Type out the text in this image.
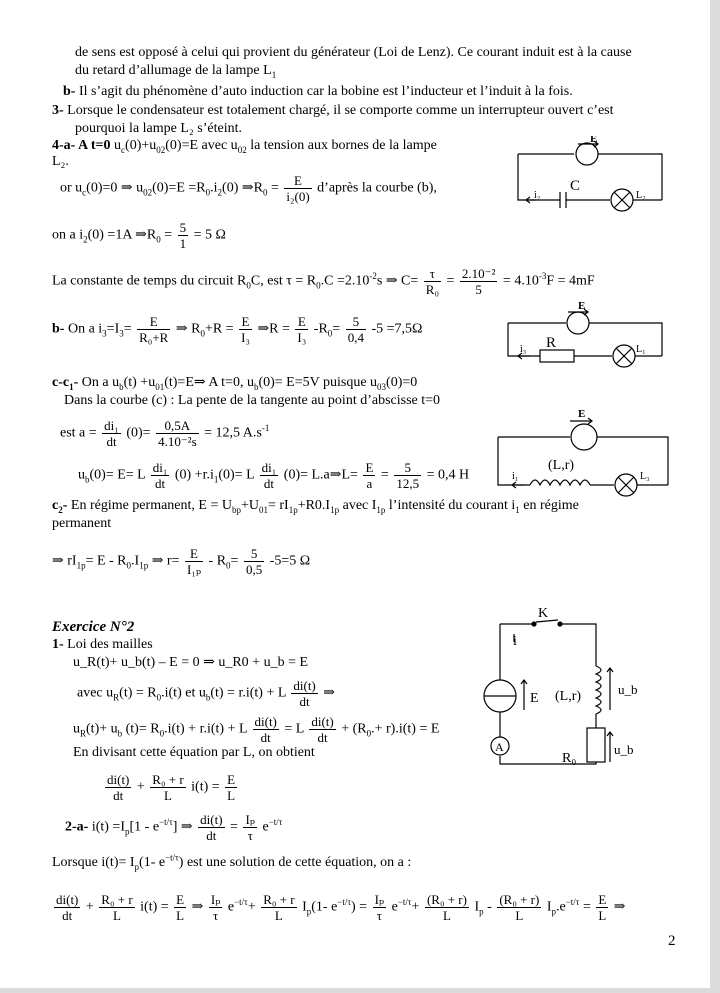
de sens est opposé à celui qui provient du générateur (Loi de Lenz). Ce courant induit est à la cause
du retard d’allumage de la lampe $L_1$
b- Il s’agit du phénomène d’auto induction car la bobine est l’inducteur et l’induit à la fois.
3- Lorsque le condensateur est totalement chargé, il se comporte comme un interrupteur ouvert c’est
pourquoi la lampe L₂ s’éteint.
4-a- A t=0 $u_c(0)+u_{02}(0)=E$ avec $u_{02}$ la tension aux bornes de la lampe
L₂.
or $u_c(0)=0$ ⇒ $u_{02}(0)=E =R_0.i_2(0)$ $\Rightarrow R_0 = \frac{E}{\text{i₂(0)}}$ d’après la courbe (b),
on a $i_2(0) =1A$ $\Rightarrow R_0 = \frac{5}{1} = 5$ Ω
La constante de temps du circuit $R_0C$, est $\tau = R_0.C =2.10^{-2}s$ ⇒ $C= \frac{\tau}{\text{R₀}} = \frac{\text{2.10⁻²}}{5} = 4.10^{-3}F = 4mF$
b- On a $i_3=I_3= \frac{E}{\text{R₀+R}}$ ⇒ $R_0+R = \frac{E}{\text{I₃}}$ ⇒R = $\frac{E}{\text{I₃}} -R_0= \frac{5}{0,4} -5 =7,5\Omega$
$c-c_1-$ On a $u_b(t)$ $+u_{01}(t)=E\Rightarrow$ A t=0, $u_b(0)= E=5V$ puisque $u_{03}(0)=0$
Dans la courbe (c) : La pente de la tangente au point d’abscisse t=0
est $a = \frac{\text{di₁}}{dt} (0)= \frac{0,5A}{\text{4.10⁻²s}} = 12,5$ $A.s^{-1}$
$u_b(0)= E= L \frac{\text{di₁}}{dt} (0) +r.i_1(0)= L \frac{\text{di₁}}{dt} (0)=$ L.a⇒L= $\frac{E}{a} = \frac{5}{12,5} = 0,4$ H
$c_2-$ En régime permanent, $E = U_{bp}+U_{01}= rI_{1p}+R0.I_{1p}$ avec $I_{1p}$ l’intensité du courant $i_1$ en régime
permanent
⇒ $rI_{1p}= E - R_0.I_{1p}$ ⇒ $r= \frac{E}{\text{I₁ₚ}} - R_0= \frac{5}{0,5} -5=5$ Ω
Exercice N°2
1- Loi des mailles
u_R(t)+ u_b(t) – E = 0 ⇒ u_R0 + u_b = E
avec $u_R(t) = R_0.i(t)$ et $u_b(t) = r.i(t) + L \frac{di(t)}{dt}$ ⇒
$u_R(t)+ u_b$ $(t)= R_0.i(t) + r.i(t) + L \frac{di(t)}{dt} = L \frac{di(t)}{dt} + (R_0.+ r).i(t) = E$
En divisant cette équation par L, on obtient
$\frac{di(t)}{dt} + \frac{\text{R₀ + r}}{L} i(t) = \frac{E}{L}$
2-a- $i(t) =I_p[1 - e^{-t/\tau}]$ ⇒ $\frac{di(t)}{dt} = \frac{\text{Iₚ}}{\tau} e^{-t/\tau}$
Lorsque $i(t)= I_p(1-$ $e^{-t/\tau}$) est une solution de cette équation, on a :
$\frac{di(t)}{dt} + \frac{\text{R₀ + r}}{L} i(t) = \frac{E}{L}$ ⇒ $\frac{\text{Iₚ}}{\tau} e^{-t/\tau}+ \frac{\text{R₀ + r}}{L} I_p(1-$ $e^{-t/\tau}) = \frac{\text{Iₚ}}{\tau} e^{-t/\tau}+ \frac{\text{(R₀ + r)}}{L} I_p - \frac{\text{(R₀ + r)}}{L} I_p.e^{-t/\tau} = \frac{E}{L}$ ⇒
E
C
i₂	L₂
E
R
i₃	L₁
E
(L,r)
i₁	L₃
K
i
E (L,r)	u_b
A
R₀
u_b
2
